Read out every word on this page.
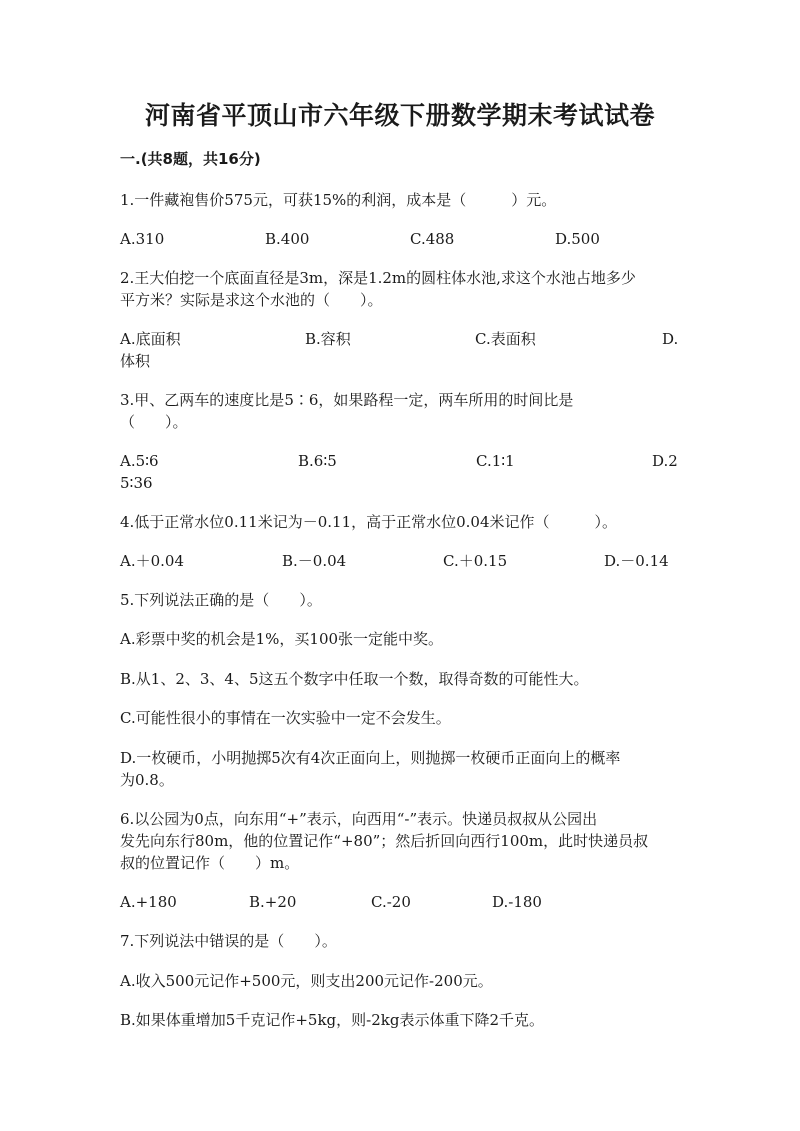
河南省平顶山市六年级下册数学期末考试试卷
一.(共8题，共16分)
1.一件藏袍售价575元，可获15%的利润，成本是（　　　）元。
A.310	B.400	C.488	D.500
2.王大伯挖一个底面直径是3m，深是1.2m的圆柱体水池,求这个水池占地多少
平方米？实际是求这个水池的（　　）。
A.底面积	B.容积	C.表面积	D.
体积
3.甲、乙两车的速度比是5∶6，如果路程一定，两车所用的时间比是
（　　）。
A.5∶6	B.6∶5	C.1∶1	D.2
5∶36
4.低于正常水位0.11米记为－0.11，高于正常水位0.04米记作（　　　）。
A.＋0.04	B.－0.04	C.＋0.15	D.－0.14
5.下列说法正确的是（　　）。
A.彩票中奖的机会是1%，买100张一定能中奖。
B.从1、2、3、4、5这五个数字中任取一个数，取得奇数的可能性大。
C.可能性很小的事情在一次实验中一定不会发生。
D.一枚硬币，小明抛掷5次有4次正面向上，则抛掷一枚硬币正面向上的概率
为0.8。
6.以公园为0点，向东用“+”表示，向西用“-”表示。快递员叔叔从公园出
发先向东行80m，他的位置记作“+80”；然后折回向西行100m，此时快递员叔
叔的位置记作（　　）m。
A.+180	B.+20	C.-20	D.-180
7.下列说法中错误的是（　　）。
A.收入500元记作+500元，则支出200元记作-200元。
B.如果体重增加5千克记作+5kg，则-2kg表示体重下降2千克。
